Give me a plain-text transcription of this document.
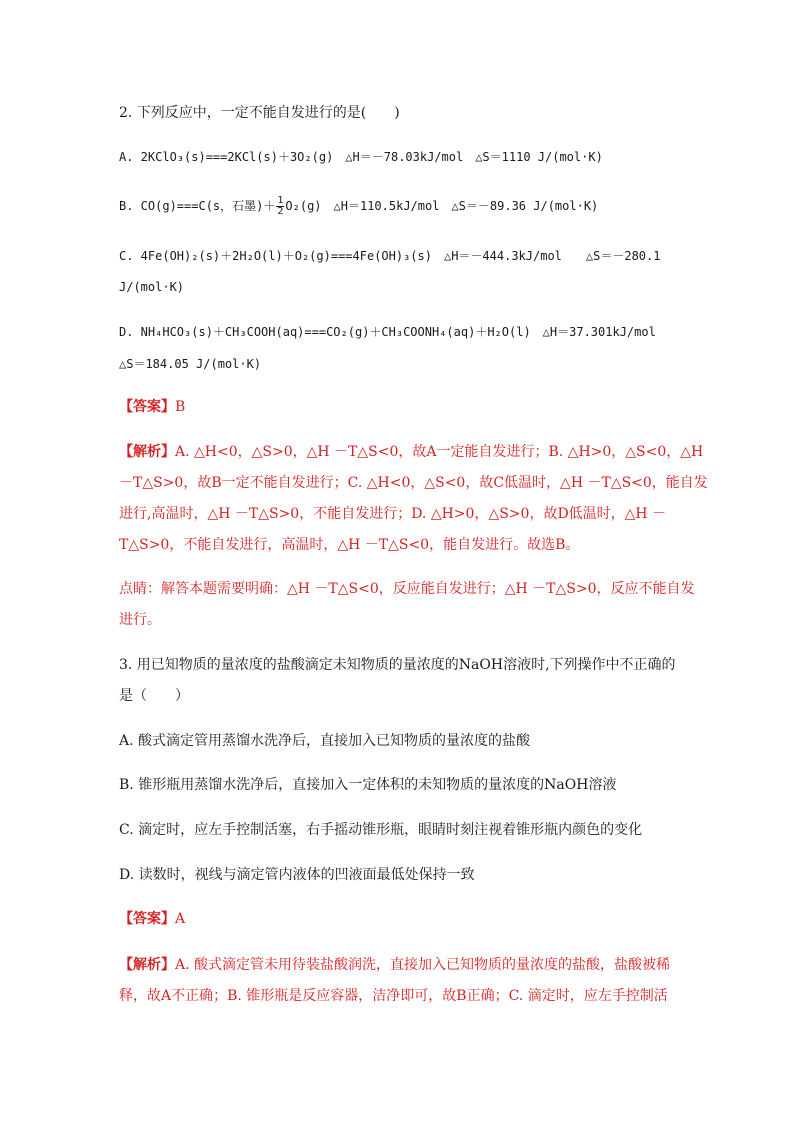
2. 下列反应中，一定不能自发进行的是(　　)
A. 2KClO₃(s)===2KCl(s)＋3O₂(g)　△H＝－78.03kJ/mol　△S＝1110 J/(mol·K)
B. CO(g)===C(s，石墨)＋ $\frac{1}{2} O_2(g)$　△H＝110.5kJ/mol　△S＝－89.36 J/(mol·K)
C. 4Fe(OH)₂(s)＋2H₂O(l)＋O₂(g)===4Fe(OH)₃(s)　△H＝－444.3kJ/mol　　△S＝－280.1
J/(mol·K)
D. NH₄HCO₃(s)＋CH₃COOH(aq)===CO₂(g)＋CH₃COONH₄(aq)＋H₂O(l)　△H＝37.301kJ/mol
△S＝184.05 J/(mol·K)
【答案】B
【解析】A. △H<0，△S>0，△H －T△S<0，故A一定能自发进行；B. △H>0，△S<0，△H
－T△S>0，故B一定不能自发进行；C. △H<0，△S<0，故C低温时，△H －T△S<0，能自发
进行,高温时，△H －T△S>0，不能自发进行；D. △H>0，△S>0，故D低温时，△H －
T△S>0，不能自发进行，高温时，△H －T△S<0，能自发进行。故选B。
点睛：解答本题需要明确：△H －T△S<0，反应能自发进行；△H －T△S>0，反应不能自发
进行。
3. 用已知物质的量浓度的盐酸滴定未知物质的量浓度的NaOH溶液时,下列操作中不正确的
是（　　）
A. 酸式滴定管用蒸馏水洗净后，直接加入已知物质的量浓度的盐酸
B. 锥形瓶用蒸馏水洗净后，直接加入一定体积的未知物质的量浓度的NaOH溶液
C. 滴定时，应左手控制活塞，右手摇动锥形瓶，眼睛时刻注视着锥形瓶内颜色的变化
D. 读数时，视线与滴定管内液体的凹液面最低处保持一致
【答案】A
【解析】A. 酸式滴定管未用待装盐酸润洗，直接加入已知物质的量浓度的盐酸，盐酸被稀
释，故A不正确；B. 锥形瓶是反应容器，洁净即可，故B正确；C. 滴定时，应左手控制活
